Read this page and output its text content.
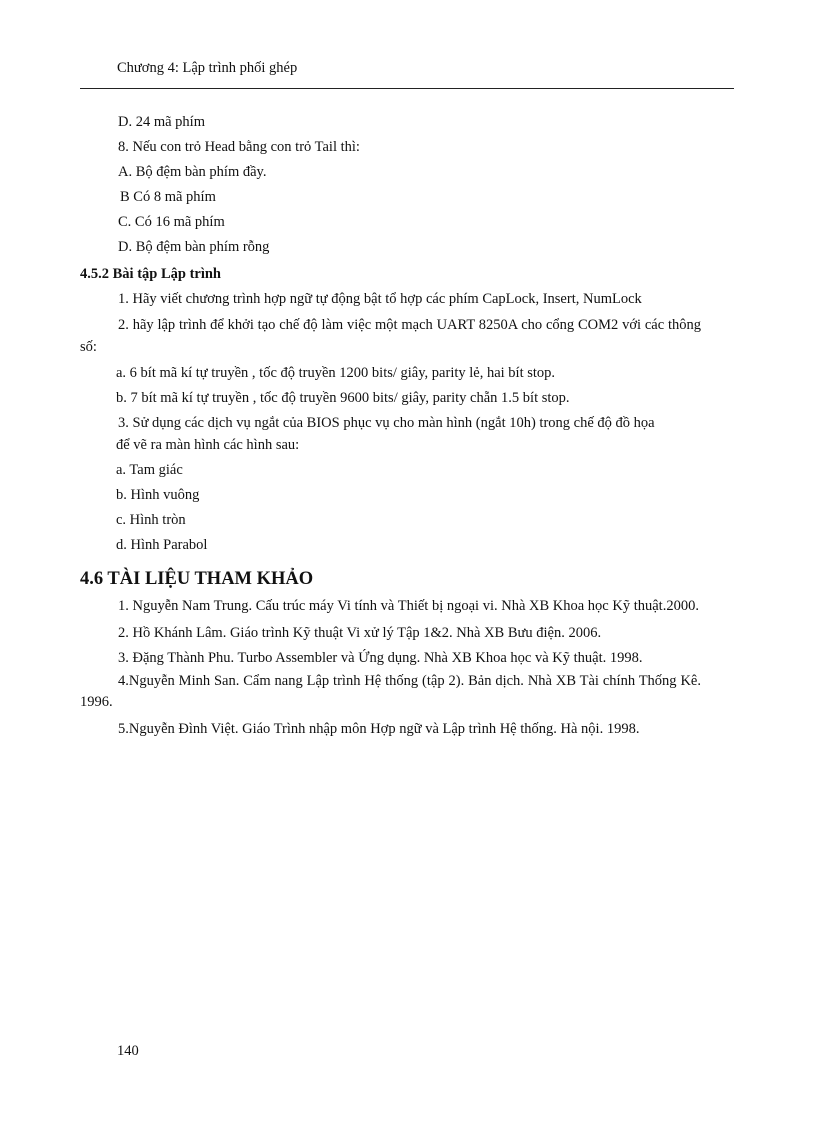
Chương 4: Lập trình phối ghép
D. 24 mã phím
8. Nếu con trỏ Head bằng con trỏ Tail thì:
A. Bộ đệm bàn phím đầy.
B Có 8 mã phím
C. Có 16 mã phím
D. Bộ đệm bàn phím rỗng
4.5.2 Bài tập Lập trình
1. Hãy viết chương trình hợp ngữ tự động bật tổ hợp các phím CapLock, Insert, NumLock
2. hãy lập trình để khởi tạo chế độ làm việc một mạch UART 8250A cho cổng COM2 với các thông số:
a. 6 bít mã kí tự truyền , tốc độ truyền 1200 bits/ giây, parity lẻ, hai bít stop.
b. 7 bít mã kí tự truyền , tốc độ truyền 9600 bits/ giây, parity chẵn 1.5 bít stop.
3. Sử dụng các dịch vụ ngắt của BIOS phục vụ cho màn hình (ngắt 10h) trong chế độ đồ họa
để vẽ ra màn hình các hình sau:
a. Tam giác
b. Hình vuông
c. Hình tròn
d. Hình Parabol
4.6 TÀI LIỆU THAM KHẢO
1. Nguyễn Nam Trung. Cấu trúc máy Vi tính và Thiết bị ngoại vi. Nhà XB Khoa học Kỹ thuật.2000.
2. Hồ Khánh Lâm. Giáo trình Kỹ thuật Vi xử lý Tập 1&2. Nhà XB Bưu điện. 2006.
3. Đặng Thành Phu. Turbo Assembler và Ứng dụng. Nhà XB Khoa học và Kỹ thuật. 1998.
4.Nguyễn Minh San. Cẩm nang Lập trình Hệ thống (tập 2). Bản dịch. Nhà XB Tài chính Thống Kê. 1996.
5.Nguyễn Đình Việt. Giáo Trình nhập môn Hợp ngữ và Lập trình Hệ thống. Hà nội. 1998.
140
